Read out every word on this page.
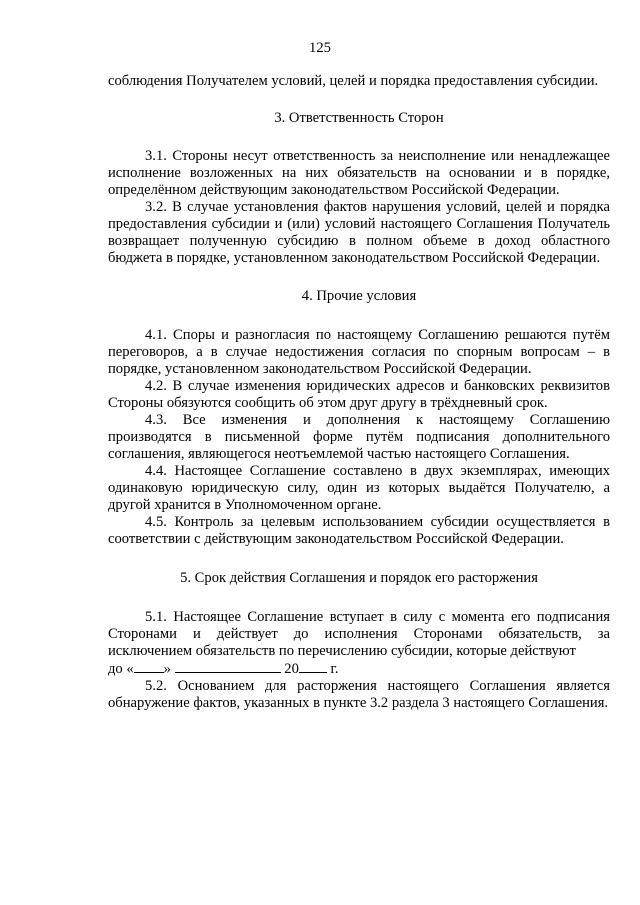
125

соблюдения Получателем условий, целей и порядка предоставления субсидии.

3. Ответственность Сторон

3.1. Стороны несут ответственность за неисполнение или ненадлежащее исполнение возложенных на них обязательств на основании и в порядке, определённом действующим законодательством Российской Федерации.

3.2. В случае установления фактов нарушения условий, целей и порядка предоставления субсидии и (или) условий настоящего Соглашения Получатель возвращает полученную субсидию в полном объеме в доход областного бюджета в порядке, установленном законодательством Российской Федерации.

4. Прочие условия

4.1. Споры и разногласия по настоящему Соглашению решаются путём переговоров, а в случае недостижения согласия по спорным вопросам – в порядке, установленном законодательством Российской Федерации.

4.2. В случае изменения юридических адресов и банковских реквизитов Стороны обязуются сообщить об этом друг другу в трёхдневный срок.

4.3. Все изменения и дополнения к настоящему Соглашению производятся в письменной форме путём подписания дополнительного соглашения, являющегося неотъемлемой частью настоящего Соглашения.

4.4. Настоящее Соглашение составлено в двух экземплярах, имеющих одинаковую юридическую силу, один из которых выдаётся Получателю, а другой хранится в Уполномоченном органе.

4.5. Контроль за целевым использованием субсидии осуществляется в соответствии с действующим законодательством Российской Федерации.

5. Срок действия Соглашения и порядок его расторжения

5.1. Настоящее Соглашение вступает в силу с момента его подписания Сторонами и действует до исполнения Сторонами обязательств, за исключением обязательств по перечислению субсидии, которые действуют

до « »	20 г.

5.2. Основанием для расторжения настоящего Соглашения является обнаружение фактов, указанных в пункте 3.2 раздела 3 настоящего Соглашения.
